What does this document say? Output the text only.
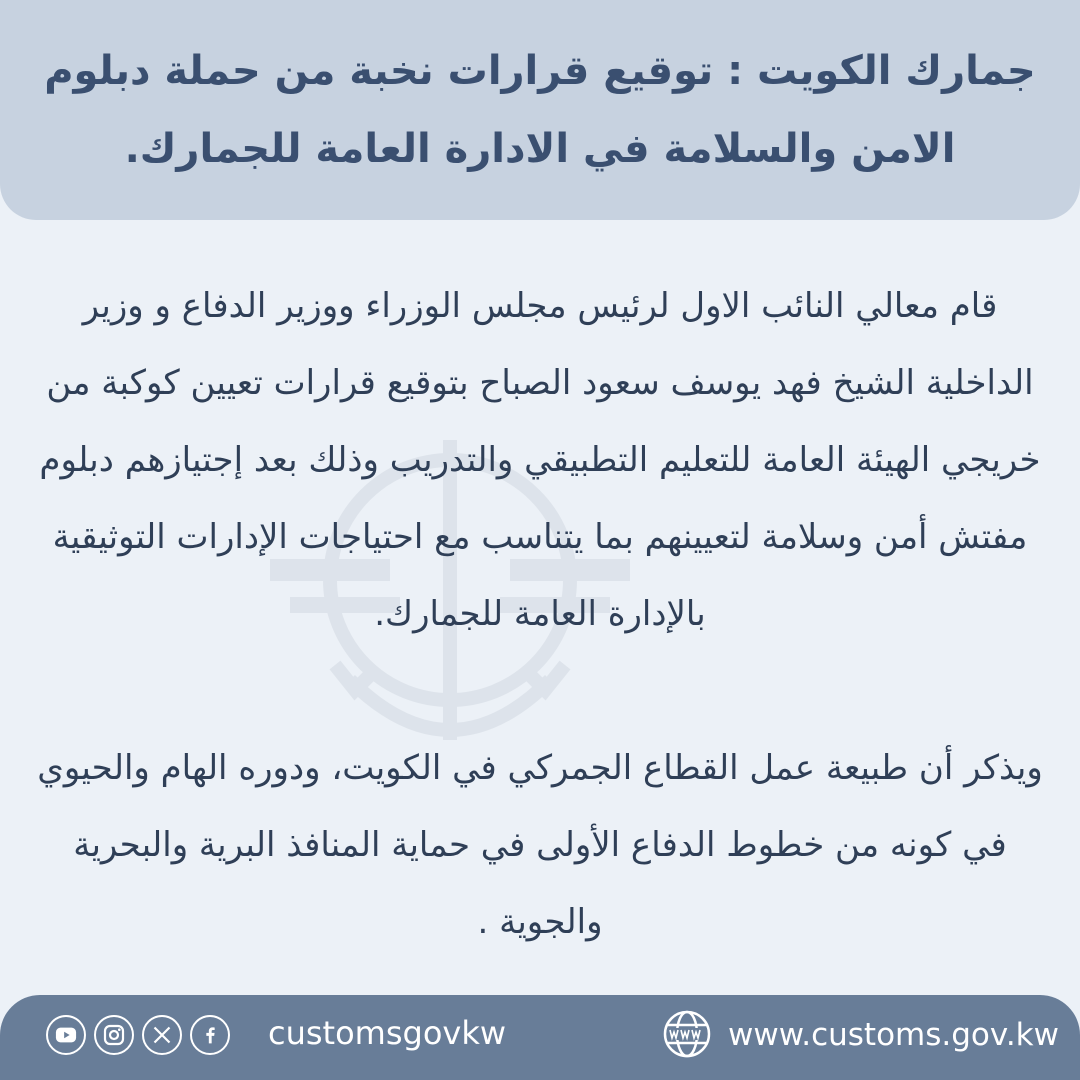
جمارك الكويت : توقيع قرارات نخبة من حملة دبلوم الامن والسلامة في الادارة العامة للجمارك.

قام معالي النائب الاول لرئيس مجلس الوزراء ووزير الدفاع و وزير الداخلية الشيخ فهد يوسف سعود الصباح بتوقيع قرارات تعيين كوكبة من خريجي الهيئة العامة للتعليم التطبيقي والتدريب وذلك بعد إجتيازهم دبلوم مفتش أمن وسلامة لتعيينهم بما يتناسب مع احتياجات الإدارات التوثيقية بالإدارة العامة للجمارك.

ويذكر أن طبيعة عمل القطاع الجمركي في الكويت، ودوره الهام والحيوي في كونه من خطوط الدفاع الأولى في حماية المنافذ البرية والبحرية والجوية .

customsgovkw	www.customs.gov.kw
